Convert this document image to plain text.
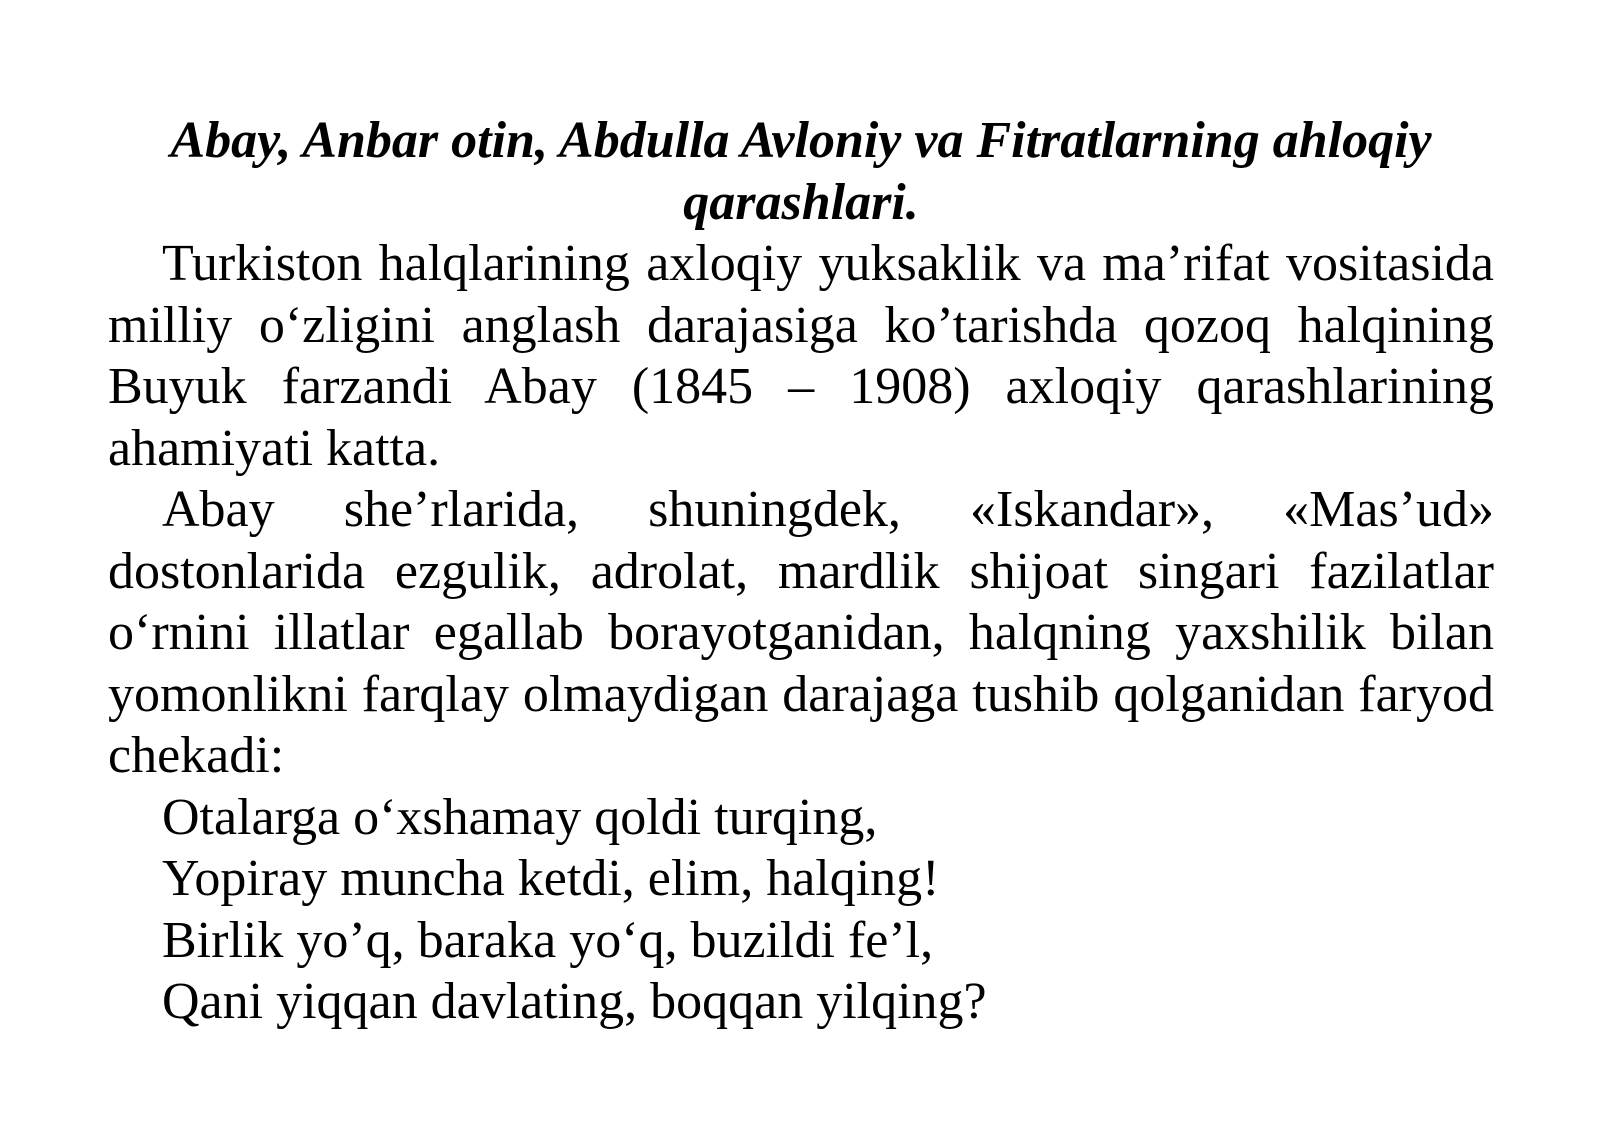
Abay, Anbar otin, Abdulla Avloniy va Fitratlarning ahloqiy
qarashlari.

Turkiston halqlarining axloqiy yuksaklik va ma’rifat vositasida milliy o‘zligini anglash darajasiga ko’tarishda qozoq halqining Buyuk farzandi Abay (1845 – 1908) axloqiy qarashlarining ahamiyati katta.

Abay she’rlarida, shuningdek, «Iskandar», «Mas’ud» dostonlarida ezgulik, adrolat, mardlik shijoat singari fazilatlar o‘rnini illatlar egallab borayotganidan, halqning yaxshilik bilan yomonlikni farqlay olmaydigan darajaga tushib qolganidan faryod chekadi:

Otalarga o‘xshamay qoldi turqing,
Yopiray muncha ketdi, elim, halqing!
Birlik yo’q, baraka yo‘q, buzildi fe’l,
Qani yiqqan davlating, boqqan yilqing?
